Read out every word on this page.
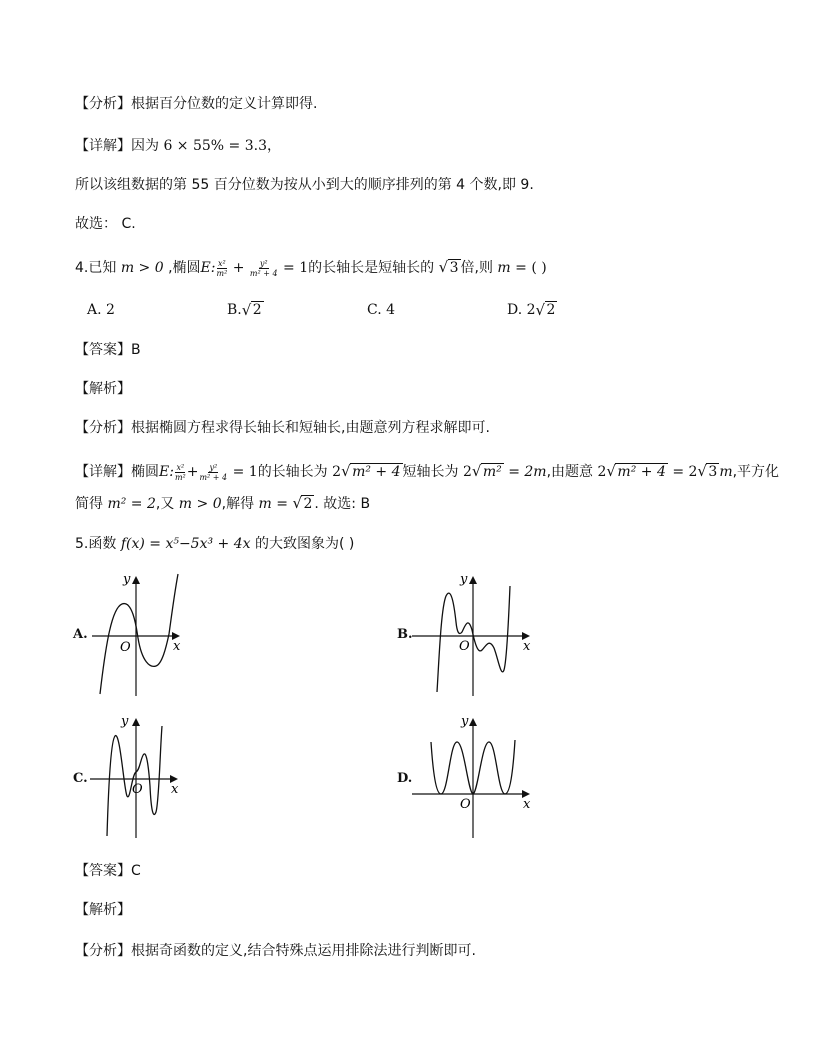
【分析】根据百分位数的定义计算即得.
【详解】因为 6 × 55% = 3.3，
所以该组数据的第 55 百分位数为按从小到大的顺序排列的第 4 个数,即 9.
故选： C.
4.已知 m > 0 ,椭圆E: $\frac{\text{x²}}{\text{m²}} + \frac{\text{y²}}{\text{m² + 4}} = 1$的长轴长是短轴长的 √ 3 倍,则 m = ( )
A. 2	B. √ 2	C. 4	D. 2 √ 2
【答案】B
【解析】
【分析】根据椭圆方程求得长轴长和短轴长,由题意列方程求解即可.
【详解】椭圆E: $\frac{\text{x²}}{\text{m²}} + \frac{\text{y²}}{\text{m² + 4}} = 1$的长轴长为 2 √ m² + 4 短轴长为 2 √ m² = 2m,由题意 2 √ m² + 4 = 2 √ 3 m,平方化
简得 m² = 2,又 m > 0,解得 m = √ 2 . 故选: B
5.函数 f(x) = x⁵−5x³ + 4x 的大致图象为( )
A.
O	x
y
B.
O	x
y
C.
O x
y
D.
O	x
y
【答案】C
【解析】
【分析】根据奇函数的定义,结合特殊点运用排除法进行判断即可.
